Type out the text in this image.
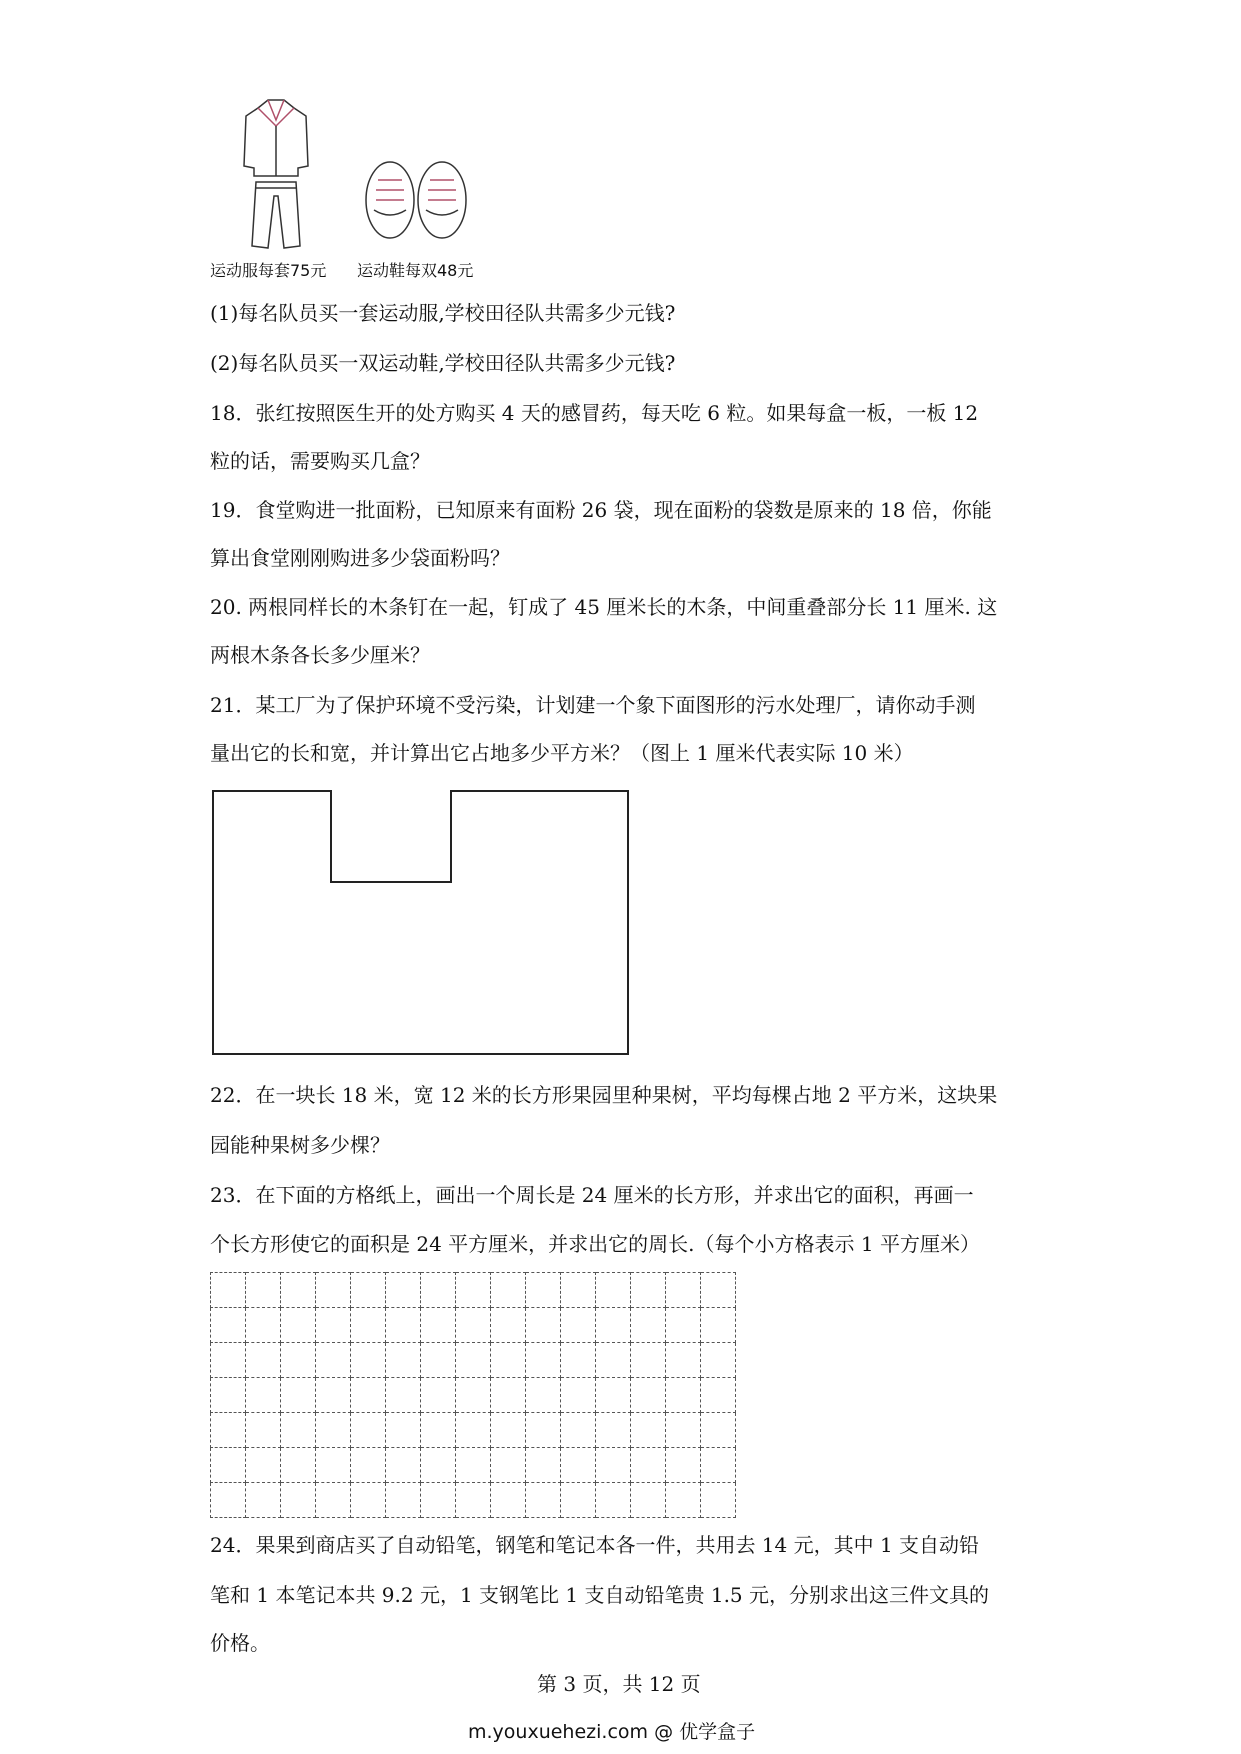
运动服每套75元 运动鞋每双48元
(1)每名队员买一套运动服,学校田径队共需多少元钱?
(2)每名队员买一双运动鞋,学校田径队共需多少元钱?
18．张红按照医生开的处方购买 4 天的感冒药，每天吃 6 粒。如果每盒一板，一板 12
粒的话，需要购买几盒？
19．食堂购进一批面粉，已知原来有面粉 26 袋，现在面粉的袋数是原来的 18 倍，你能
算出食堂刚刚购进多少袋面粉吗？
20. 两根同样长的木条钉在一起，钉成了 45 厘米长的木条，中间重叠部分长 11 厘米. 这
两根木条各长多少厘米？
21．某工厂为了保护环境不受污染，计划建一个象下面图形的污水处理厂，请你动手测
量出它的长和宽，并计算出它占地多少平方米？（图上 1 厘米代表实际 10 米）
22．在一块长 18 米，宽 12 米的长方形果园里种果树，平均每棵占地 2 平方米，这块果
园能种果树多少棵？
23．在下面的方格纸上，画出一个周长是 24 厘米的长方形，并求出它的面积，再画一
个长方形使它的面积是 24 平方厘米，并求出它的周长.（每个小方格表示 1 平方厘米）

24．果果到商店买了自动铅笔，钢笔和笔记本各一件，共用去 14 元，其中 1 支自动铅
笔和 1 本笔记本共 9.2 元，1 支钢笔比 1 支自动铅笔贵 1.5 元，分别求出这三件文具的
价格。
第 3 页，共 12 页
m.youxuehezi.com @ 优学盒子
